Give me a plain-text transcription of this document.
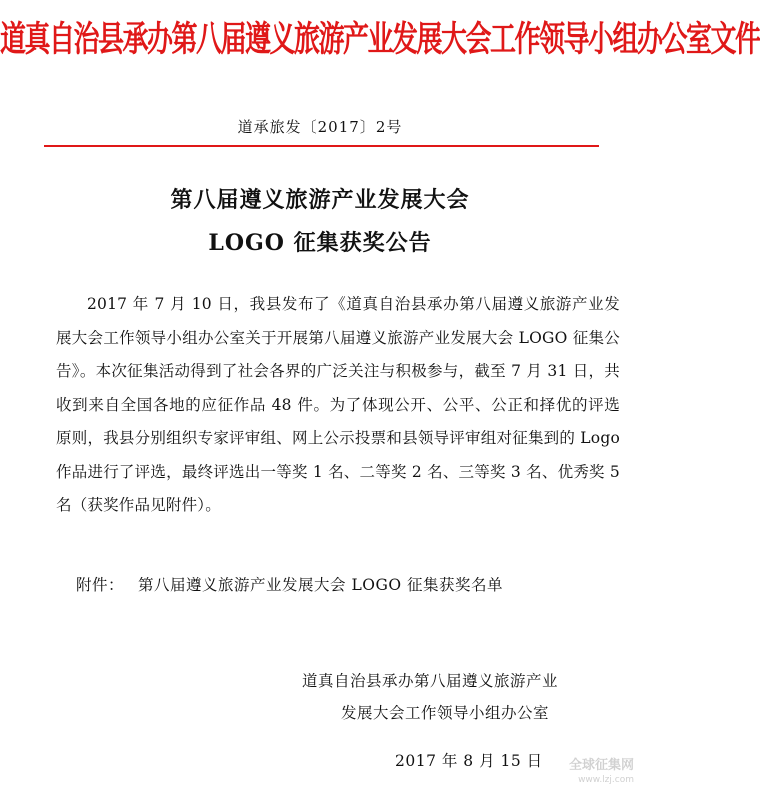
道真自治县承办第八届遵义旅游产业发展大会工作领导小组办公室文件
道承旅发〔2017〕2号
第八届遵义旅游产业发展大会
LOGO 征集获奖公告

2017 年 7 月 10 日，我县发布了《道真自治县承办第八届遵义旅游产业发展大会工作领导小组办公室关于开展第八届遵义旅游产业发展大会 LOGO 征集公告》。本次征集活动得到了社会各界的广泛关注与积极参与，截至 7 月 31 日，共收到来自全国各地的应征作品 48 件。为了体现公开、公平、公正和择优的评选原则，我县分别组织专家评审组、网上公示投票和县领导评审组对征集到的 Logo 作品进行了评选，最终评选出一等奖 1 名、二等奖 2 名、三等奖 3 名、优秀奖 5 名（获奖作品见附件）。

附件： 第八届遵义旅游产业发展大会 LOGO 征集获奖名单
道真自治县承办第八届遵义旅游产业
发展大会工作领导小组办公室
2017 年 8 月 15 日 全球征集网
www.lzj.com
